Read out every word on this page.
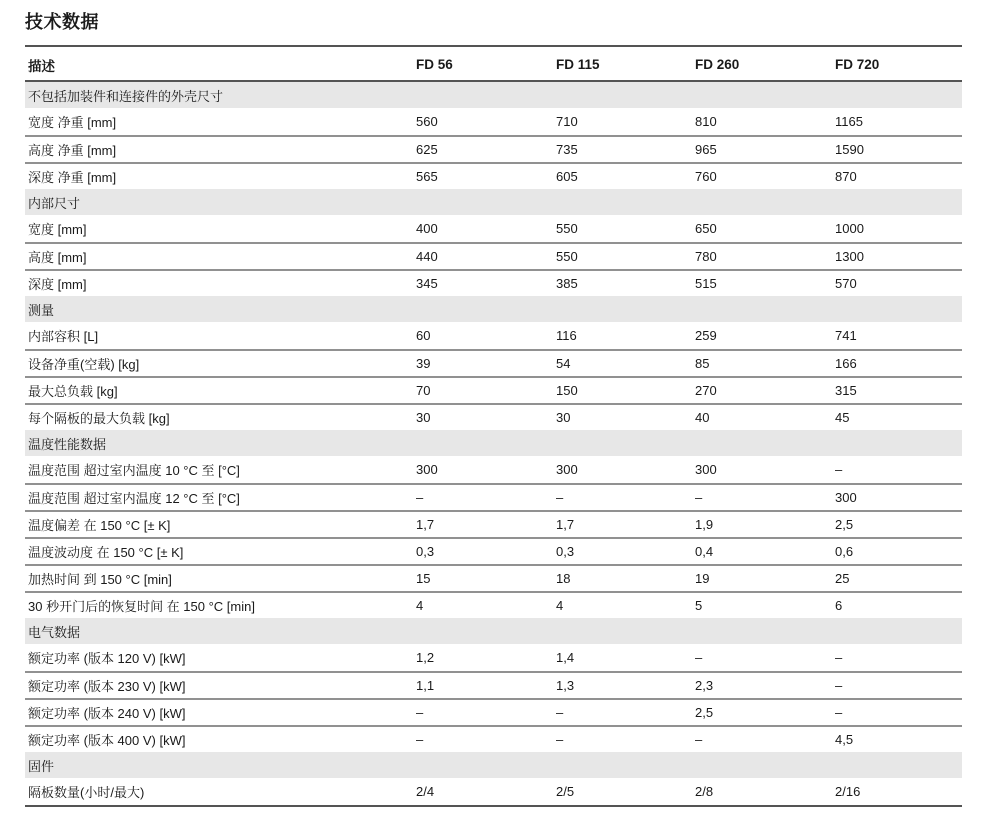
技术数据
描述	FD 56	FD 115	FD 260	FD 720
不包括加装件和连接件的外壳尺寸
宽度 净重 [mm]	560	710	810	1165
高度 净重 [mm]	625	735	965	1590
深度 净重 [mm]	565	605	760	870
内部尺寸
宽度 [mm]	400	550	650	1000
高度 [mm]	440	550	780	1300
深度 [mm]	345	385	515	570
测量
内部容积 [L]	60	116	259	741
设备净重(空载) [kg]	39	54	85	166
最大总负载 [kg]	70	150	270	315
每个隔板的最大负载 [kg]	30	30	40	45
温度性能数据
温度范围 超过室内温度 10 °C 至 [°C]	300	300	300	–
温度范围 超过室内温度 12 °C 至 [°C]	–	–	–	300
温度偏差 在 150 °C [± K]	1,7	1,7	1,9	2,5
温度波动度 在 150 °C [± K]	0,3	0,3	0,4	0,6
加热时间 到 150 °C [min]	15	18	19	25
30 秒开门后的恢复时间 在 150 °C [min]	4	4	5	6
电气数据
额定功率 (版本 120 V) [kW]	1,2	1,4	–	–
额定功率 (版本 230 V) [kW]	1,1	1,3	2,3	–
额定功率 (版本 240 V) [kW]	–	–	2,5	–
额定功率 (版本 400 V) [kW]	–	–	–	4,5
固件
隔板数量(小时/最大)	2/4	2/5	2/8	2/16
